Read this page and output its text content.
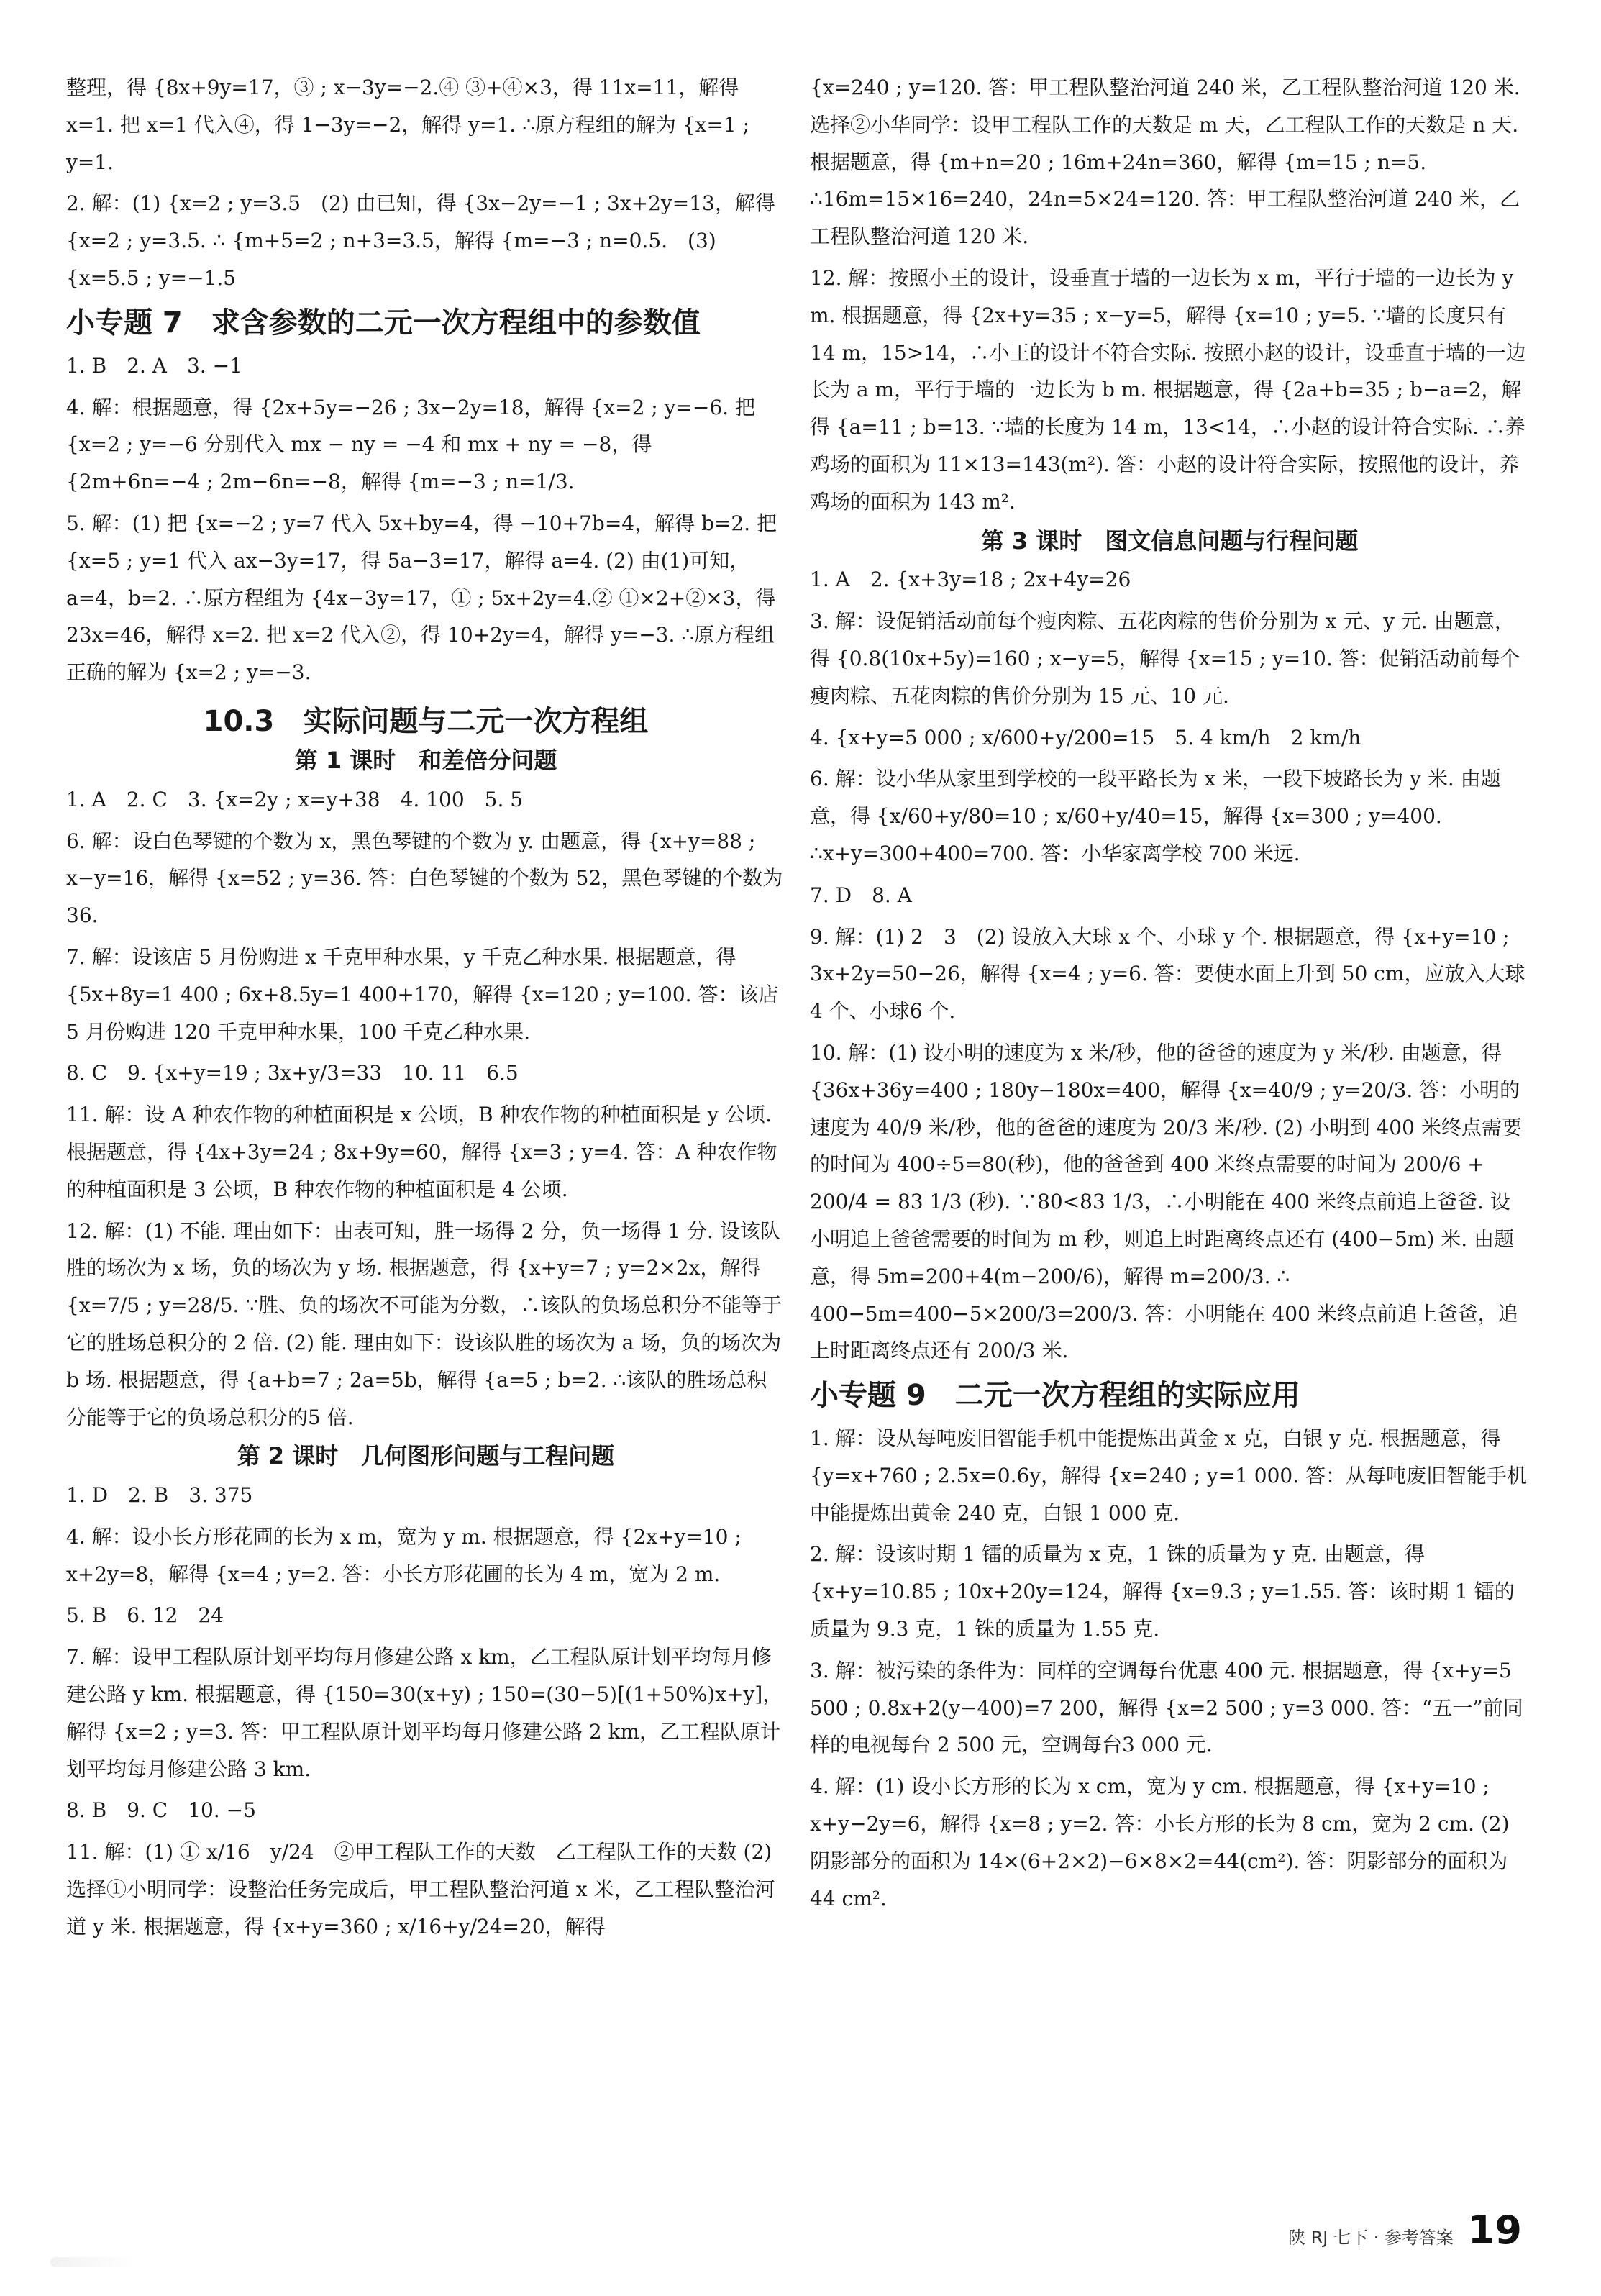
整理，得 {8x+9y=17，③ ; x−3y=−2.④ ③+④×3，得 11x=11，解得 x=1. 把 x=1 代入④，得 1−3y=−2，解得 y=1. ∴原方程组的解为 {x=1 ; y=1.
2. 解：(1) {x=2 ; y=3.5　(2) 由已知，得 {3x−2y=−1 ; 3x+2y=13，解得 {x=2 ; y=3.5. ∴ {m+5=2 ; n+3=3.5，解得 {m=−3 ; n=0.5.　(3) {x=5.5 ; y=−1.5
小专题 7　求含参数的二元一次方程组中的参数值
1. B　2. A　3. −1
4. 解：根据题意，得 {2x+5y=−26 ; 3x−2y=18，解得 {x=2 ; y=−6. 把 {x=2 ; y=−6 分别代入 mx − ny = −4 和 mx + ny = −8，得 {2m+6n=−4 ; 2m−6n=−8，解得 {m=−3 ; n=1/3.
5. 解：(1) 把 {x=−2 ; y=7 代入 5x+by=4，得 −10+7b=4，解得 b=2. 把 {x=5 ; y=1 代入 ax−3y=17，得 5a−3=17，解得 a=4. (2) 由(1)可知，a=4，b=2. ∴原方程组为 {4x−3y=17，① ; 5x+2y=4.② ①×2+②×3，得 23x=46，解得 x=2. 把 x=2 代入②，得 10+2y=4，解得 y=−3. ∴原方程组正确的解为 {x=2 ; y=−3.
10.3　实际问题与二元一次方程组
第 1 课时　和差倍分问题
1. A　2. C　3. {x=2y ; x=y+38　4. 100　5. 5
6. 解：设白色琴键的个数为 x，黑色琴键的个数为 y. 由题意，得 {x+y=88 ; x−y=16，解得 {x=52 ; y=36. 答：白色琴键的个数为 52，黑色琴键的个数为 36.
7. 解：设该店 5 月份购进 x 千克甲种水果，y 千克乙种水果. 根据题意，得 {5x+8y=1 400 ; 6x+8.5y=1 400+170，解得 {x=120 ; y=100. 答：该店 5 月份购进 120 千克甲种水果，100 千克乙种水果.
8. C　9. {x+y=19 ; 3x+y/3=33　10. 11　6.5
11. 解：设 A 种农作物的种植面积是 x 公顷，B 种农作物的种植面积是 y 公顷. 根据题意，得 {4x+3y=24 ; 8x+9y=60，解得 {x=3 ; y=4. 答：A 种农作物的种植面积是 3 公顷，B 种农作物的种植面积是 4 公顷.
12. 解：(1) 不能. 理由如下：由表可知，胜一场得 2 分，负一场得 1 分. 设该队胜的场次为 x 场，负的场次为 y 场. 根据题意，得 {x+y=7 ; y=2×2x，解得 {x=7/5 ; y=28/5. ∵胜、负的场次不可能为分数，∴该队的负场总积分不能等于它的胜场总积分的 2 倍. (2) 能. 理由如下：设该队胜的场次为 a 场，负的场次为 b 场. 根据题意，得 {a+b=7 ; 2a=5b，解得 {a=5 ; b=2. ∴该队的胜场总积分能等于它的负场总积分的5 倍.
第 2 课时　几何图形问题与工程问题
1. D　2. B　3. 375
4. 解：设小长方形花圃的长为 x m，宽为 y m. 根据题意，得 {2x+y=10 ; x+2y=8，解得 {x=4 ; y=2. 答：小长方形花圃的长为 4 m，宽为 2 m.
5. B　6. 12　24
7. 解：设甲工程队原计划平均每月修建公路 x km，乙工程队原计划平均每月修建公路 y km. 根据题意，得 {150=30(x+y) ; 150=(30−5)[(1+50%)x+y]，解得 {x=2 ; y=3. 答：甲工程队原计划平均每月修建公路 2 km，乙工程队原计划平均每月修建公路 3 km.
8. B　9. C　10. −5
11. 解：(1) ① x/16　y/24　②甲工程队工作的天数　乙工程队工作的天数 (2) 选择①小明同学：设整治任务完成后，甲工程队整治河道 x 米，乙工程队整治河道 y 米. 根据题意，得 {x+y=360 ; x/16+y/24=20，解得
{x=240 ; y=120. 答：甲工程队整治河道 240 米，乙工程队整治河道 120 米. 选择②小华同学：设甲工程队工作的天数是 m 天，乙工程队工作的天数是 n 天. 根据题意，得 {m+n=20 ; 16m+24n=360，解得 {m=15 ; n=5. ∴16m=15×16=240，24n=5×24=120. 答：甲工程队整治河道 240 米，乙工程队整治河道 120 米.
12. 解：按照小王的设计，设垂直于墙的一边长为 x m，平行于墙的一边长为 y m. 根据题意，得 {2x+y=35 ; x−y=5，解得 {x=10 ; y=5. ∵墙的长度只有 14 m，15>14，∴小王的设计不符合实际. 按照小赵的设计，设垂直于墙的一边长为 a m，平行于墙的一边长为 b m. 根据题意，得 {2a+b=35 ; b−a=2，解得 {a=11 ; b=13. ∵墙的长度为 14 m，13<14，∴小赵的设计符合实际. ∴养鸡场的面积为 11×13=143(m²). 答：小赵的设计符合实际，按照他的设计，养鸡场的面积为 143 m².
第 3 课时　图文信息问题与行程问题
1. A　2. {x+3y=18 ; 2x+4y=26
3. 解：设促销活动前每个瘦肉粽、五花肉粽的售价分别为 x 元、y 元. 由题意，得 {0.8(10x+5y)=160 ; x−y=5，解得 {x=15 ; y=10. 答：促销活动前每个瘦肉粽、五花肉粽的售价分别为 15 元、10 元.
4. {x+y=5 000 ; x/600+y/200=15　5. 4 km/h　2 km/h
6. 解：设小华从家里到学校的一段平路长为 x 米，一段下坡路长为 y 米. 由题意，得 {x/60+y/80=10 ; x/60+y/40=15，解得 {x=300 ; y=400. ∴x+y=300+400=700. 答：小华家离学校 700 米远.
7. D　8. A
9. 解：(1) 2　3　(2) 设放入大球 x 个、小球 y 个. 根据题意，得 {x+y=10 ; 3x+2y=50−26，解得 {x=4 ; y=6. 答：要使水面上升到 50 cm，应放入大球 4 个、小球6 个.
10. 解：(1) 设小明的速度为 x 米/秒，他的爸爸的速度为 y 米/秒. 由题意，得 {36x+36y=400 ; 180y−180x=400，解得 {x=40/9 ; y=20/3. 答：小明的速度为 40/9 米/秒，他的爸爸的速度为 20/3 米/秒. (2) 小明到 400 米终点需要的时间为 400÷5=80(秒)，他的爸爸到 400 米终点需要的时间为 200/6 + 200/4 = 83 1/3 (秒). ∵80<83 1/3，∴小明能在 400 米终点前追上爸爸. 设小明追上爸爸需要的时间为 m 秒，则追上时距离终点还有 (400−5m) 米. 由题意，得 5m=200+4(m−200/6)，解得 m=200/3. ∴ 400−5m=400−5×200/3=200/3. 答：小明能在 400 米终点前追上爸爸，追上时距离终点还有 200/3 米.
小专题 9　二元一次方程组的实际应用
1. 解：设从每吨废旧智能手机中能提炼出黄金 x 克，白银 y 克. 根据题意，得 {y=x+760 ; 2.5x=0.6y，解得 {x=240 ; y=1 000. 答：从每吨废旧智能手机中能提炼出黄金 240 克，白银 1 000 克.
2. 解：设该时期 1 镭的质量为 x 克，1 铢的质量为 y 克. 由题意，得 {x+y=10.85 ; 10x+20y=124，解得 {x=9.3 ; y=1.55. 答：该时期 1 镭的质量为 9.3 克，1 铢的质量为 1.55 克.
3. 解：被污染的条件为：同样的空调每台优惠 400 元. 根据题意，得 {x+y=5 500 ; 0.8x+2(y−400)=7 200，解得 {x=2 500 ; y=3 000. 答：“五一”前同样的电视每台 2 500 元，空调每台3 000 元.
4. 解：(1) 设小长方形的长为 x cm，宽为 y cm. 根据题意，得 {x+y=10 ; x+y−2y=6，解得 {x=8 ; y=2. 答：小长方形的长为 8 cm，宽为 2 cm. (2) 阴影部分的面积为 14×(6+2×2)−6×8×2=44(cm²). 答：阴影部分的面积为 44 cm².
陕 RJ 七下 · 参考答案 19
